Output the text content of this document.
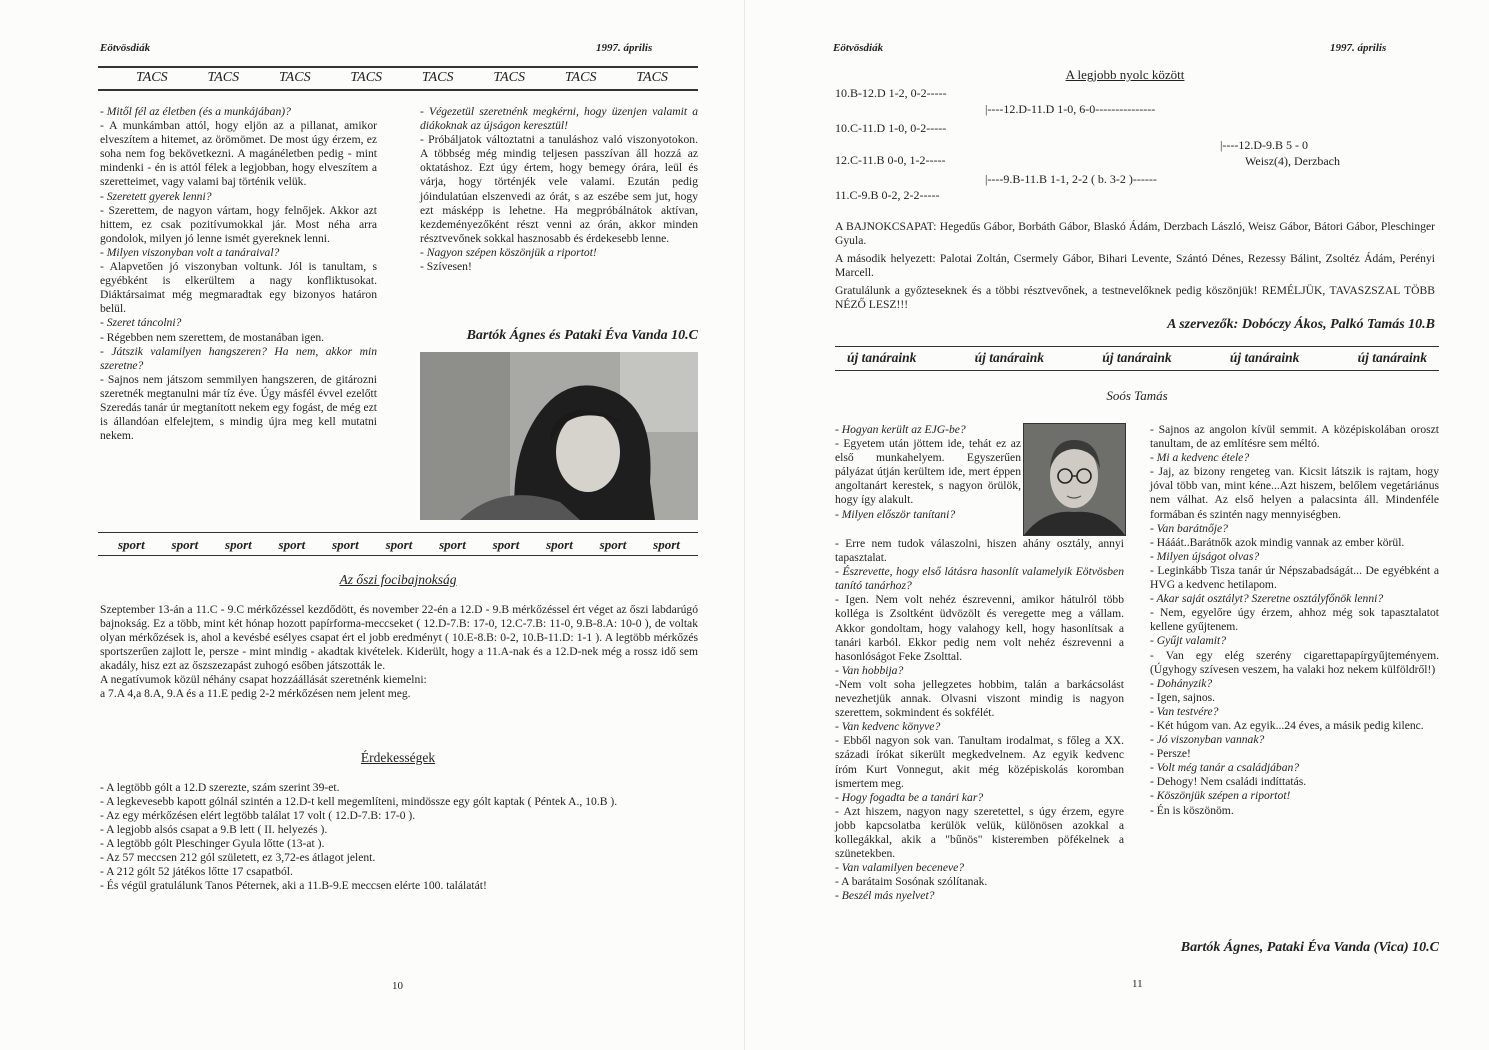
Eötvösdiák	1997. április
TACS	TACS	TACS	TACS	TACS	TACS	TACS	TACS

- Mitől fél az életben (és a munkájában)?

- A munkámban attól, hogy eljön az a pillanat, amikor elveszítem a hitemet, az örömömet. De most úgy érzem, ez soha nem fog bekövetkezni. A magánéletben pedig - mint mindenki - én is attól félek a legjobban, hogy elveszítem a szeretteimet, vagy valami baj történik velük.

- Szeretett gyerek lenni?

- Szerettem, de nagyon vártam, hogy felnőjek. Akkor azt hittem, ez csak pozitívumokkal jár. Most néha arra gondolok, milyen jó lenne ismét gyereknek lenni.

- Milyen viszonyban volt a tanáraival?

- Alapvetően jó viszonyban voltunk. Jól is tanultam, s egyébként is elkerültem a nagy konfliktusokat. Diáktársaimat még megmaradtak egy bizonyos határon belül.

- Szeret táncolni?

- Régebben nem szerettem, de mostanában igen.

- Játszik valamilyen hangszeren? Ha nem, akkor min szeretne?

- Sajnos nem játszom semmilyen hangszeren, de gitározni szeretnék megtanulni már tíz éve. Úgy másfél évvel ezelőtt Szeredás tanár úr megtanított nekem egy fogást, de még ezt is állandóan elfelejtem, s mindig újra meg kell mutatni nekem.

- Végezetül szeretnénk megkérni, hogy üzenjen valamit a diákoknak az újságon keresztül!

- Próbáljatok változtatni a tanuláshoz való viszonyotokon. A többség még mindig teljesen passzívan áll hozzá az oktatáshoz. Ezt úgy értem, hogy bemegy órára, leül és várja, hogy történjék vele valami. Ezután pedig jóindulatúan elszenvedi az órát, s az eszébe sem jut, hogy ezt másképp is lehetne. Ha megpróbálnátok aktívan, kezdeményezőként részt venni az órán, akkor minden résztvevőnek sokkal hasznosabb és érdekesebb lenne.

- Nagyon szépen köszönjük a riportot!

- Szívesen!

Bartók Ágnes és Pataki Éva Vanda 10.C
sport sport sport sport sport sport sport sport sport sport sport
Az őszi focibajnokság

Szeptember 13-án a 11.C - 9.C mérkőzéssel kezdődött, és november 22-én a 12.D - 9.B mérkőzéssel ért véget az őszi labdarúgó bajnokság. Ez a több, mint két hónap hozott papírforma-meccseket ( 12.D-7.B: 17-0, 12.C-7.B: 11-0, 9.B-8.A: 10-0 ), de voltak olyan mérkőzések is, ahol a kevésbé esélyes csapat ért el jobb eredményt ( 10.E-8.B: 0-2, 10.B-11.D: 1-1 ). A legtöbb mérkőzés sportszerűen zajlott le, persze - mint mindig - akadtak kivételek. Kiderült, hogy a 11.A-nak és a 12.D-nek még a rossz idő sem akadály, hisz ezt az őszszezapást zuhogó esőben játszották le.

A negatívumok közül néhány csapat hozzáállását szeretnénk kiemelni:

a 7.A 4,a 8.A, 9.A és a 11.E pedig 2-2 mérkőzésen nem jelent meg.

Érdekességek

- A legtöbb gólt a 12.D szerezte, szám szerint 39-et.

- A legkevesebb kapott gólnál szintén a 12.D-t kell megemlíteni, mindössze egy gólt kaptak ( Péntek A., 10.B ).

- Az egy mérkőzésen elért legtöbb találat 17 volt ( 12.D-7.B: 17-0 ).

- A legjobb alsós csapat a 9.B lett ( II. helyezés ).

- A legtöbb gólt Pleschinger Gyula lőtte (13-at ).

- Az 57 meccsen 212 gól született, ez 3,72-es átlagot jelent.

- A 212 gólt 52 játékos lőtte 17 csapatból.

- És végül gratulálunk Tanos Péternek, aki a 11.B-9.E meccsen elérte 100. találatát!

10
Eötvösdiák	1997. április
A legjobb nyolc között
10.B-12.D 1-2, 0-2-----
|----12.D-11.D 1-0, 6-0---------------
10.C-11.D 1-0, 0-2-----
|----12.D-9.B 5 - 0
Weisz(4), Derzbach
12.C-11.B 0-0, 1-2-----
|----9.B-11.B 1-1, 2-2 ( b. 3-2 )------
11.C-9.B 0-2, 2-2-----
A BAJNOKCSAPAT: Hegedűs Gábor, Borbáth Gábor, Blaskó Ádám, Derzbach László, Weisz Gábor, Bátori Gábor, Pleschinger Gyula.
A második helyezett: Palotai Zoltán, Csermely Gábor, Bihari Levente, Szántó Dénes, Rezessy Bálint, Zsoltéz Ádám, Perényi Marcell.
Gratulálunk a győzteseknek és a többi résztvevőnek, a testnevelőknek pedig köszönjük! REMÉLJÜK, TAVASZSZAL TÖBB NÉZŐ LESZ!!!
A szervezők: Dobóczy Ákos, Palkó Tamás 10.B
új tanáraink	új tanáraink	új tanáraink	új tanáraink	új tanáraink
Soós Tamás

- Hogyan került az EJG-be?

- Egyetem után jöttem ide, tehát ez az első munkahelyem. Egyszerűen pályázat útján kerültem ide, mert éppen angoltanárt kerestek, s nagyon örülök, hogy így alakult.

- Milyen először tanítani?

- Erre nem tudok válaszolni, hiszen ahány osztály, annyi tapasztalat.

- Észrevette, hogy első látásra hasonlít valamelyik Eötvösben tanító tanárhoz?

- Igen. Nem volt nehéz észrevenni, amikor hátulról több kolléga is Zsoltként üdvözölt és veregette meg a vállam. Akkor gondoltam, hogy valahogy kell, hogy hasonlítsak a tanári karból. Ekkor pedig nem volt nehéz észrevenni a hasonlóságot Feke Zsolttal.

- Van hobbija?

-Nem volt soha jellegzetes hobbim, talán a barkácsolást nevezhetjük annak. Olvasni viszont mindig is nagyon szerettem, sokmindent és sokfélét.

- Van kedvenc könyve?

- Ebből nagyon sok van. Tanultam irodalmat, s főleg a XX. századi írókat sikerült megkedvelnem. Az egyik kedvenc íróm Kurt Vonnegut, akit még középiskolás koromban ismertem meg.

- Hogy fogadta be a tanári kar?

- Azt hiszem, nagyon nagy szeretettel, s úgy érzem, egyre jobb kapcsolatba kerülök velük, különösen azokkal a kollegákkal, akik a "bűnös" kisteremben pöfékelnek a szünetekben.

- Van valamilyen beceneve?

- A barátaim Sosónak szólítanak.

- Beszél más nyelvet?

- Sajnos az angolon kívül semmit. A középiskolában oroszt tanultam, de az említésre sem méltó.

- Mi a kedvenc étele?

- Jaj, az bizony rengeteg van. Kicsit látszik is rajtam, hogy jóval több van, mint kéne...Azt hiszem, belőlem vegetáriánus nem válhat. Az első helyen a palacsinta áll. Mindenféle formában és szintén nagy mennyiségben.

- Van barátnője?

- Hááát..Barátnők azok mindig vannak az ember körül.

- Milyen újságot olvas?

- Leginkább Tisza tanár úr Népszabadságát... De egyébként a HVG a kedvenc hetilapom.

- Akar saját osztályt? Szeretne osztályfőnök lenni?

- Nem, egyelőre úgy érzem, ahhoz még sok tapasztalatot kellene gyűjtenem.

- Gyűjt valamit?

- Van egy elég szerény cigarettapapírgyűjteményem. (Úgyhogy szívesen veszem, ha valaki hoz nekem külföldről!)

- Dohányzik?

- Igen, sajnos.

- Van testvére?

- Két húgom van. Az egyik...24 éves, a másik pedig kilenc.

- Jó viszonyban vannak?

- Persze!

- Volt még tanár a családjában?

- Dehogy! Nem családi indíttatás.

- Köszönjük szépen a riportot!

- Én is köszönöm.

Bartók Ágnes, Pataki Éva Vanda (Vica) 10.C
11
